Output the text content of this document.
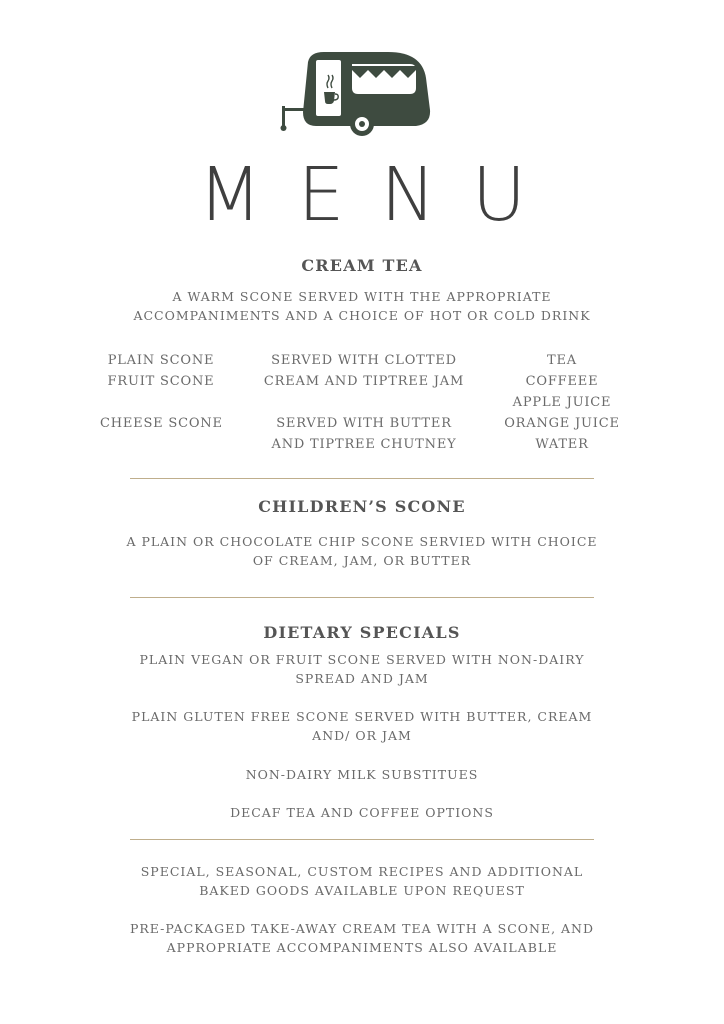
MENU
CREAM TEA

A WARM SCONE SERVED WITH THE APPROPRIATE

ACCOMPANIMENTS AND A CHOICE OF HOT OR COLD DRINK

PLAIN SCONE
FRUIT SCONE

CHEESE SCONE
SERVED WITH CLOTTED
CREAM AND TIPTREE JAM

SERVED WITH BUTTER
AND TIPTREE CHUTNEY
TEA
COFFEEE
APPLE JUICE
ORANGE JUICE
WATER
CHILDREN’S SCONE

A PLAIN OR CHOCOLATE CHIP SCONE SERVIED WITH CHOICE

OF CREAM, JAM, OR BUTTER

DIETARY SPECIALS

PLAIN VEGAN OR FRUIT SCONE SERVED WITH NON-DAIRY

SPREAD AND JAM

PLAIN GLUTEN FREE SCONE SERVED WITH BUTTER, CREAM

AND/ OR JAM

NON-DAIRY MILK SUBSTITUES

DECAF TEA AND COFFEE OPTIONS

SPECIAL, SEASONAL, CUSTOM RECIPES AND ADDITIONAL

BAKED GOODS AVAILABLE UPON REQUEST

PRE-PACKAGED TAKE-AWAY CREAM TEA WITH A SCONE, AND

APPROPRIATE ACCOMPANIMENTS ALSO AVAILABLE
